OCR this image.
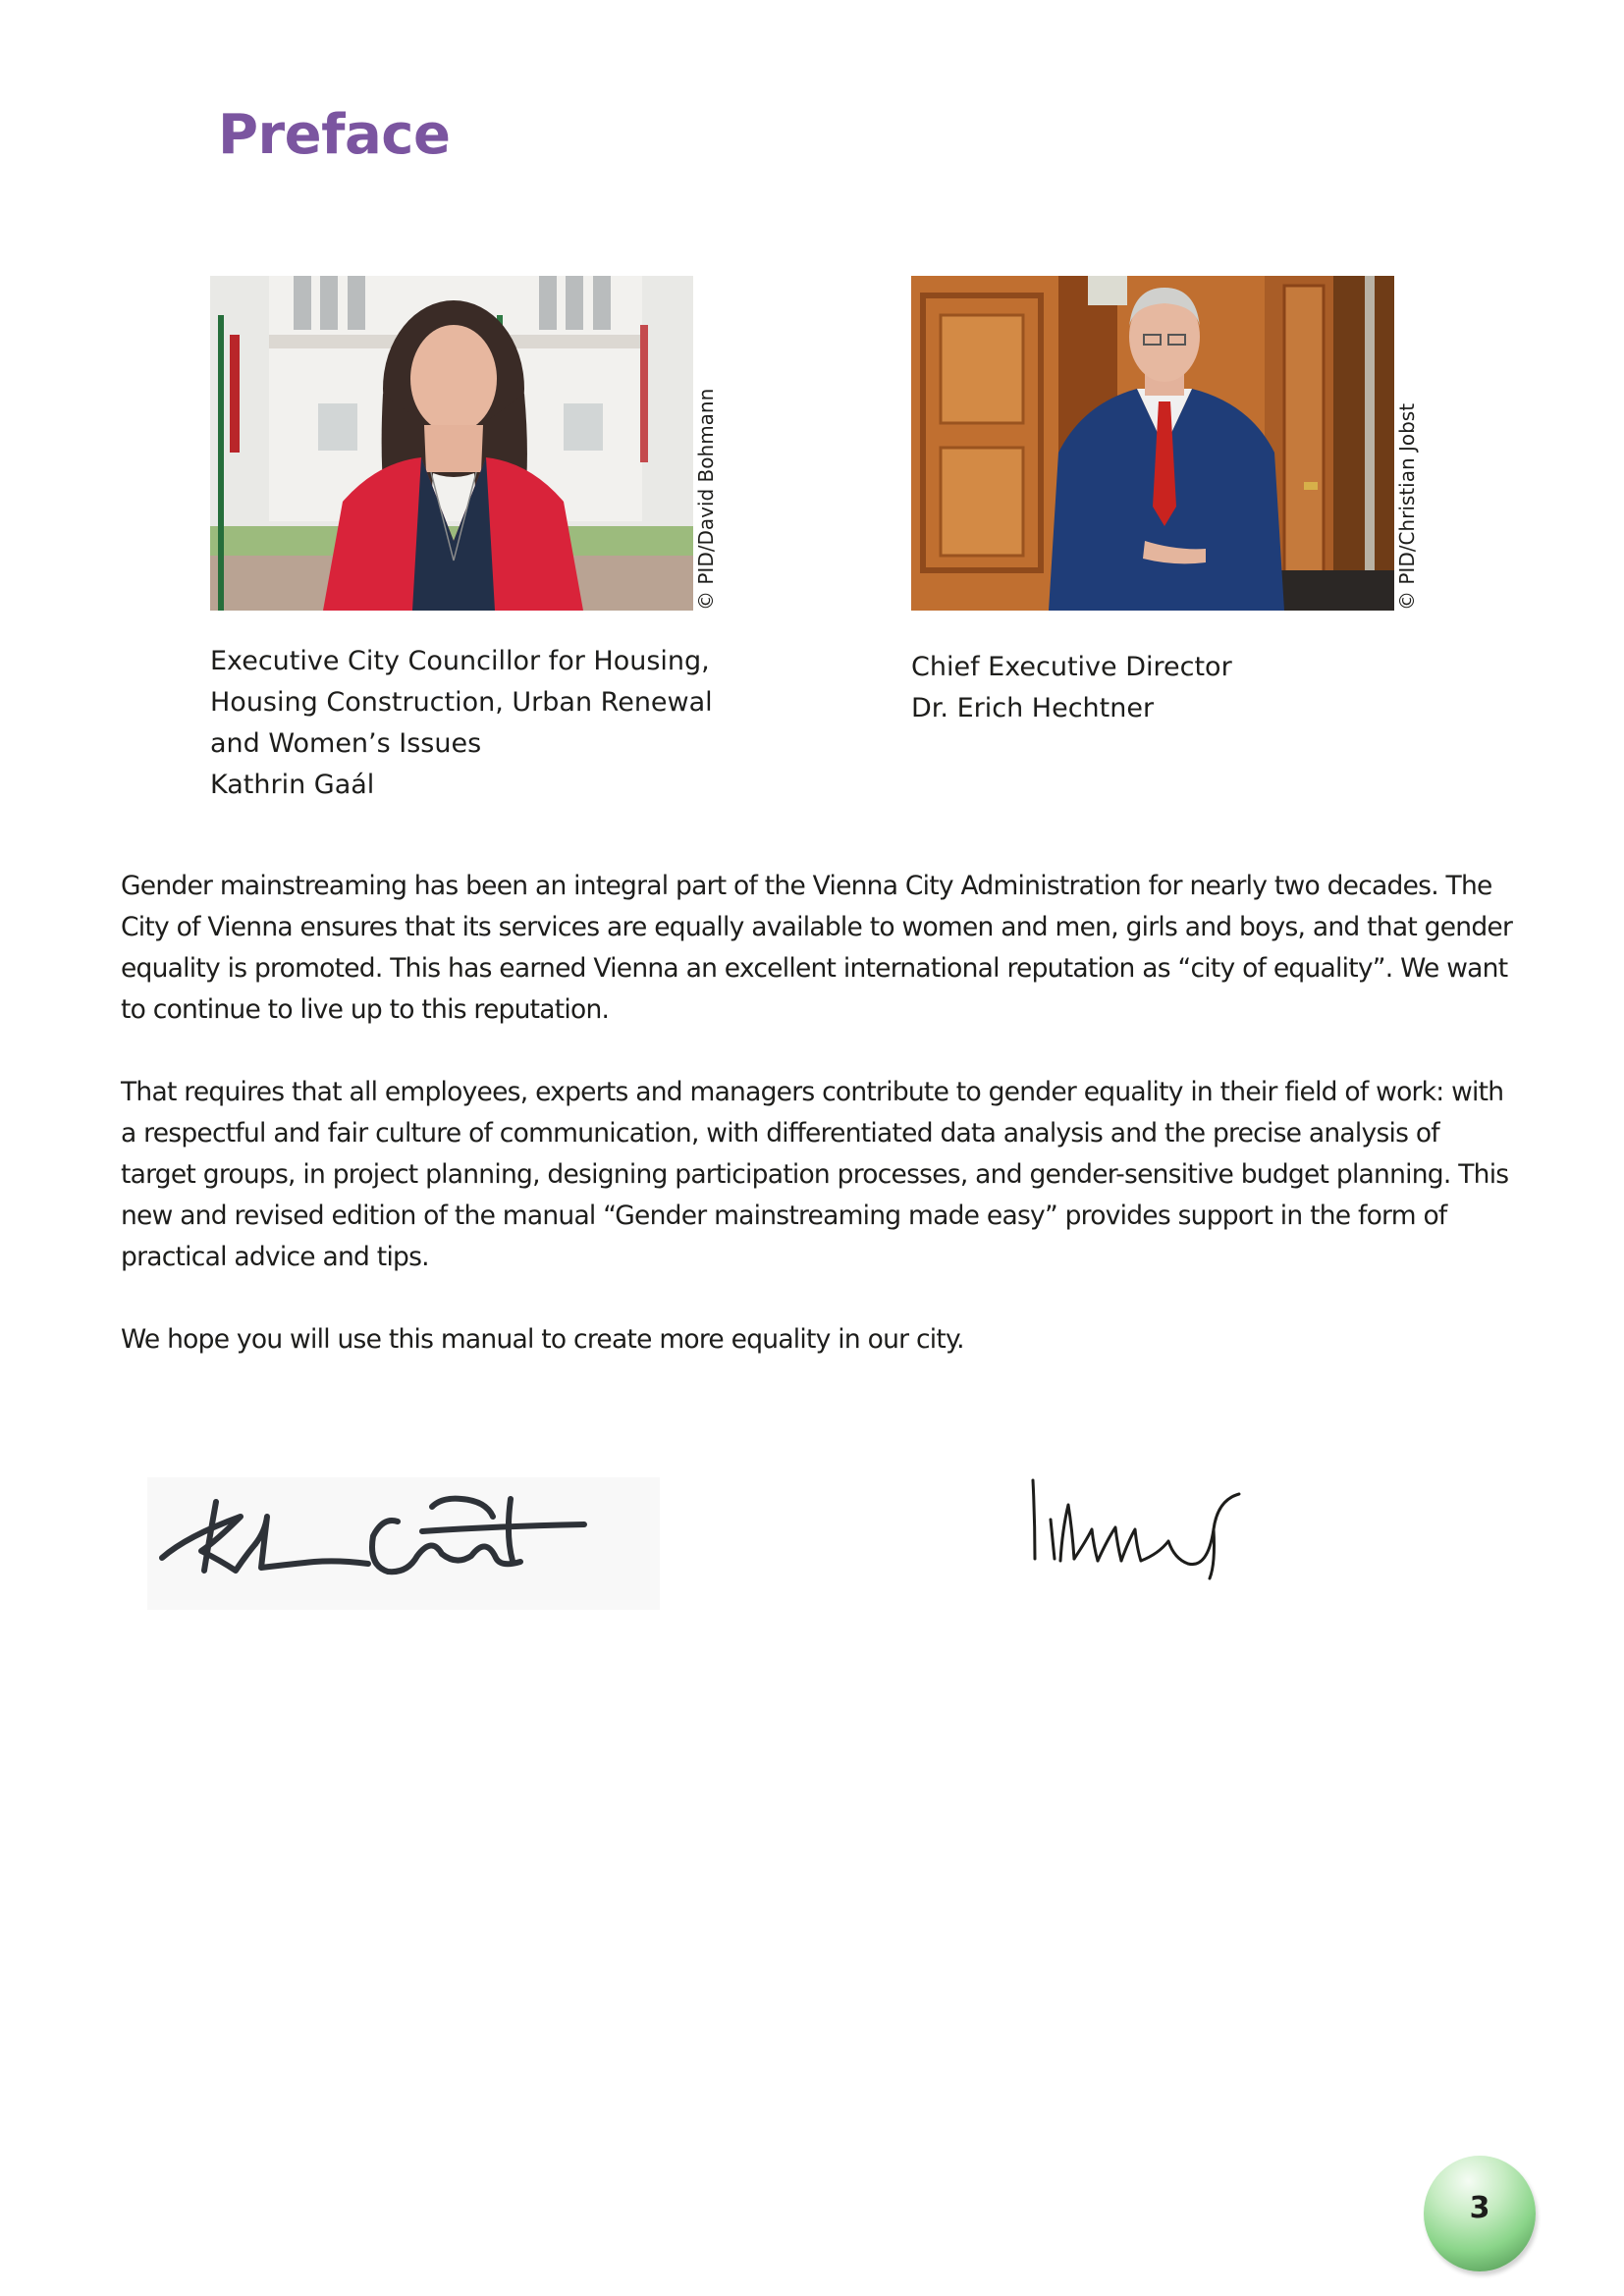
Preface
© PID/David Bohmann	© PID/Christian Jobst
Executive City Councillor for Housing,
Housing Construction, Urban Renewal
and Women’s Issues
Kathrin Gaál
Chief Executive Director
Dr. Erich Hechtner

Gender mainstreaming has been an integral part of the Vienna City Administration for nearly two decades. The City of Vienna ensures that its services are equally available to women and men, girls and boys, and that gender equality is promoted. This has earned Vienna an excellent international reputation as “city of equality”. We want to continue to live up to this reputation.

That requires that all employees, experts and managers contribute to gender equality in their field of work: with a respectful and fair culture of communication, with differentiated data analysis and the precise analysis of target groups, in project planning, designing participation processes, and gender-sensitive budget planning. This new and revised edition of the manual “Gender mainstreaming made easy” provides support in the form of practical advice and tips.

We hope you will use this manual to create more equality in our city.

3
